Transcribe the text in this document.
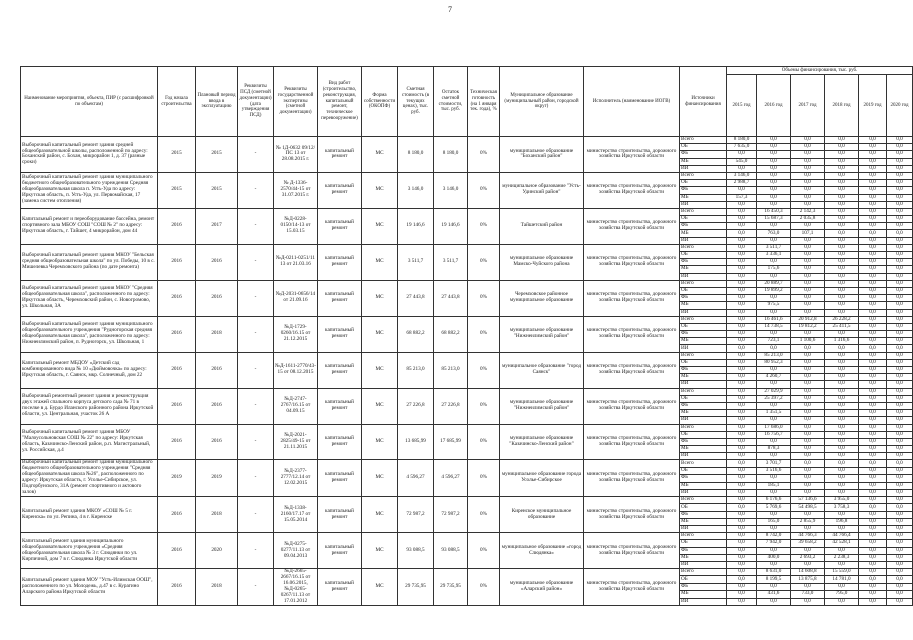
7
Наименование мероприятия, объекта, ПИР (с расшифровкой по объектам)	Год начала строительства	Плановый период ввода в эксплуатацию	Реквизиты ПСД (сметной документации) (дата утверждения ПСД)	Реквизиты государственной экспертизы (сметной документации)	Вид работ (строительство, реконструкция, капитальный ремонт, техническое перевооружение)	Форма собственности (ОКОПФ)	Сметная стоимость (в текущих ценах), тыс. руб.	Остаток сметной стоимости, тыс. руб.	Техническая готовность (на 1 января тек. года), %	Муниципальное образование (муниципальный район, городской округ)	Исполнитель (наименование ИОГВ)	Источники финансирования	Объемы финансирования, тыс. руб.					
													2015 год	2016 год	2017 год	2018 год	2019 год	2020 год
Выборочный капитальный ремонт здания средней общеобразовательной школы, расположенной по адресу: Боханский район, с. Бохан, микрорайон 1, д. 37 (разные сроки)	2015	2015	-	№ 1Д-0632 09/12/ПС 13 от 28.08.2015 г.	капитальный ремонт	МС	8 180,0	8 180,0	0%	муниципальное образование "Боханский район"	министерство строительства, дорожного хозяйства Иркутской области	Всего	8 180,0	0,0	0,0	0,0	0,0	0,0
												ОБ	7 635,0	0,0	0,0	0,0	0,0	0,0
												ФБ	0,0	0,0	0,0	0,0	0,0	0,0
												МБ	545,0	0,0	0,0	0,0	0,0	0,0
												ИИ	0,0	0,0	0,0	0,0	0,0	0,0
Выборочный капитальный ремонт здания муниципального бюджетного общеобразовательного учреждения Средняя общеобразовательная школа п. Усть-Уда по адресу: Иркутская область, п. Усть-Уда, ул. Первомайская, 17 (замена систем отопления)	2015	2015	-	№ Д-1336-2570/44-15 от 31.07.2015 г.	капитальный ремонт	МС	3 146,0	3 146,0	0%	муниципальное образование "Усть-Удинский район"	министерство строительства, дорожного хозяйства Иркутской области	Всего	3 146,0	0,0	0,0	0,0	0,0	0,0
												ОБ	2 988,7	0,0	0,0	0,0	0,0	0,0
												ФБ	0,0	0,0	0,0	0,0	0,0	0,0
												МБ	157,3	0,0	0,0	0,0	0,0	0,0
												ИИ	0,0	0,0	0,0	0,0	0,0	0,0
Капитальный ремонт и переоборудование бассейна, ремонт спортивного зала МБОУ СОШ "СОШ № 2" по адресу: Иркутская область, г. Тайшет, 4 микрорайон, дом 44	2016	2017	-	№Д-0228-0150/14-13 от 15.03.15	капитальный ремонт	МС	19 146,6	19 146,6	0%	Тайшетский район	министерство строительства, дорожного хозяйства Иркутской области	Всего	0,0	16 450,3	2 142,3	0,0	0,0	0,0
												ОБ	0,0	15 687,3	2 035,8	0,0	0,0	0,0
												ФБ	0,0	0,0	0,0	0,0	0,0	0,0
												МБ	0,0	763,0	107,1	0,0	0,0	0,0
												ИИ	0,0	0,0	0,0	0,0	0,0	0,0
Выборочный капитальный ремонт здания МКОУ "Бельская средняя общеобразовательная школа" по ул. Победы, 10 в с. Мишелевка Черемховского района (по дате ремонта)	2016	2016	-	№Д-0211-0251/11 13 от 21.03.16	капитальный ремонт	МС	3 511,7	3 511,7	0%	муниципальное образование Мамско-Чуйского района	министерство строительства, дорожного хозяйства Иркутской области	Всего	0,0	3 511,7	0,0	0,0	0,0	0,0
												ОБ	0,0	3 336,1	0,0	0,0	0,0	0,0
												ФБ	0,0	0,0	0,0	0,0	0,0	0,0
												МБ	0,0	175,6	0,0	0,0	0,0	0,0
												ИИ	0,0	0,0	0,0	0,0	0,0	0,0
Выборочный капитальный ремонт здания МКОУ "Средняя общеобразовательная школа", расположенного по адресу: Иркутская область, Черемховский район, с. Новогромово, ул. Школьная, 3А	2016	2016	-	№Д-2031-0656/14 от 21.09.16	капитальный ремонт	МС	27 443,8	27 443,8	0%	Черемховское районное муниципальное образование	министерство строительства, дорожного хозяйства Иркутской области	Всего	0,0	20 889,7	0,0	0,0	0,0	0,0
												ОБ	0,0	19 899,2	0,0	0,0	0,0	0,0
												ФБ	0,0	0,0	0,0	0,0	0,0	0,0
												МБ	0,0	975,5	0,0	0,0	0,0	0,0
												ИИ	0,0	0,0	0,0	0,0	0,0	0,0
Выборочный капитальный ремонт здания муниципального общеобразовательного учреждения "Рудногорская средняя общеобразовательная школа", расположенного по адресу: Нижнеилимский район, п. Рудногорск, ул. Школьная, 1	2016	2018	-	№Д-1729-0260/16.15 от 21.12.2015	капитальный ремонт	МС	68 882,2	68 882,2	0%	муниципальное образование "Нижнеилимский район"	министерство строительства, дорожного хозяйства Иркутской области	Всего	0,0	16 461,6	20 912,8	26 228,2	0,0	0,0
												ОБ	0,0	14 738,5	19 812,2	25 411,5	0,0	0,0
												ФБ	0,0	0,0	0,0	0,0	0,0	0,0
												МБ	0,0	723,1	1 100,6	1 316,6	0,0	0,0
												ИИ	0,0	0,0	0,0	0,0	0,0	0,0
Капитальный ремонт МБДОУ «Детский сад комбинированного вида № 10 «Дюймовочка» по адресу: Иркутская область, г. Саянск, мкр. Солнечный, дом 22	2016	2016	-	№Д-1611-2770/43-15 от 08.12.2015	капитальный ремонт	МС	85 213,0	85 213,0	0%	муниципальное образование "город Саянск"	министерство строительства, дорожного хозяйства Иркутской области	Всего	0,0	85 213,0	0,0	0,0	0,0	0,0
												ОБ	0,0	80 952,3	0,0	0,0	0,0	0,0
												ФБ	0,0	0,0	0,0	0,0	0,0	0,0
												МБ	0,0	4 260,7	0,0	0,0	0,0	0,0
												ИИ	0,0	0,0	0,0	0,0	0,0	0,0
Выборочный ремонтный ремонт здания и реконструкция двух этажей спального корпуса детского сада № 71 в поселке в д. Бурдо Иланского районного района Иркутской области, ул. Центральная, участок 26 А	2016	2016	-	№Д-2747-2767/16.15 от 04.09.15	капитальный ремонт	МС	27 226,8	27 226,8	0%	муниципальное образование "Нижнеилимский район"	министерство строительства, дорожного хозяйства Иркутской области	Всего	0,0	27 029,9	0,0	0,0	0,0	0,0
												ОБ	0,0	25 397,2	0,0	0,0	0,0	0,0
												ФБ	0,0	0,0	0,0	0,0	0,0	0,0
												МБ	0,0	1 351,5	0,0	0,0	0,0	0,0
												ИИ	0,0	0,0	0,0	0,0	0,0	0,0
Выборочный капитальный ремонт здания МБОУ "Малоусольновская СОШ № 22" по адресу: Иркутская область, Казачинско-Ленский район, р.п. Магистральный, ул. Российская, д.4	2016	2016	-	№Д-2021-2825/49-15 от 21.11.2015	капитальный ремонт	МС	13 685,99	17 685,99	0%	муниципальное образование "Казачинско-Ленский район"	министерство строительства, дорожного хозяйства Иркутской области	Всего	0,0	17 686,0	0,0	0,0	0,0	0,0
												ОБ	0,0	16 756,7	0,0	0,0	0,0	0,0
												ФБ	0,0	0,0	0,0	0,0	0,0	0,0
												МБ	0,0	878,3	0,0	0,0	0,0	0,0
												ИИ	0,0	0,0	0,0	0,0	0,0	0,0
Выборочный капитальный ремонт здания муниципального бюджетного общеобразовательного учреждения "Средняя общеобразовательная школа №26", расположенного по адресу: Иркутская область, г. Усолье-Сибирское, ул. Подгорбунского, 31А (ремонт спортивного и актового залов)	2019	2019	-	№Д-2377-2777/12.14 от 12.02.2015	капитальный ремонт	МС	4 596,27	4 596,27	0%	муниципальное образование города Усолье-Сибирское	министерство строительства, дорожного хозяйства Иркутской области	Всего	0,0	3 701,7	0,0	0,0	0,0	0,0
												ОБ	0,0	3 516,6	0,0	0,0	0,0	0,0
												ФБ	0,0	0,0	0,0	0,0	0,0	0,0
												МБ	0,0	185,1	0,0	0,0	0,0	0,0
												ИИ	0,0	0,0	0,0	0,0	0,0	0,0
Капитальный ремонт здания МКОУ «СОШ № 5 г. Киренска» по ул. Репина, 4 в г. Киренске	2016	2018	-	№Д-1338-2160/17.17 от 15.05.2014	капитальный ремонт	МС	72 987,2	72 987,2	0%	Киренское муниципальное образование	министерство строительства, дорожного хозяйства Иркутской области	Всего	0,0	6 176,6	57 136,6	3 955,0	0,0	0,0
												ОБ	0,0	5 769,6	54 498,5	3 758,3	0,0	0,0
												ФБ	0,0	0,0	0,0	0,0	0,0	0,0
												МБ	0,0	165,0	2 855,9	196,8	0,0	0,0
												ИИ	0,0	0,0	0,0	0,0	0,0	0,0
Капитальный ремонт здания муниципального общеобразовательного учреждения «Средняя общеобразовательная школа № 3 г. Слюдянки по ул. Кирпичной, дом 7 в г. Слюдянка Иркутской области	2016	2020	-	№Д-0275-0277/11.13 от 09.04.2013	капитальный ремонт	МС	93 088,5	93 088,5	0%	муниципальное образование «город Слюдянка»	министерство строительства, дорожного хозяйства Иркутской области	Всего	0,0	8 742,0	44 766,3	44 766,4	0,0	0,0
												ОБ	0,0	7 942,0	39 658,2	42 528,1	0,0	0,0
												ФБ	0,0	0,0	0,0	0,0	0,0	0,0
												МБ	0,0	400,0	2 693,2	2 238,3	0,0	0,0
												ИИ	0,0	0,0	0,0	0,0	0,0	0,0
Капитальный ремонт здания МОУ "Усть-Илимская ООШ", расположенного по ул. Молодежь, д.47 в с. Курагино Аларского района Иркутской области	2016	2018	-	№Д-2665-2667/16.15 от 16.06.2015, №Д-0265-0267/11.13 от 17.01.2012	капитальный ремонт	МС	29 735,95	29 735,95	0%	муниципальное образование «Аларский район»	министерство строительства, дорожного хозяйства Иркутской области	Всего	0,0	8 631,0	14 608,8	15 559,0	0,0	0,0
												ОБ	0,0	8 199,5	13 875,8	14 781,0	0,0	0,0
												ФБ	0,0	0,0	0,0	0,0	0,0	0,0
												МБ	0,0	431,6	733,0	795,0	0,0	0,0
												ИИ	0,0	0,0	0,0	0,0	0,0	0,0
